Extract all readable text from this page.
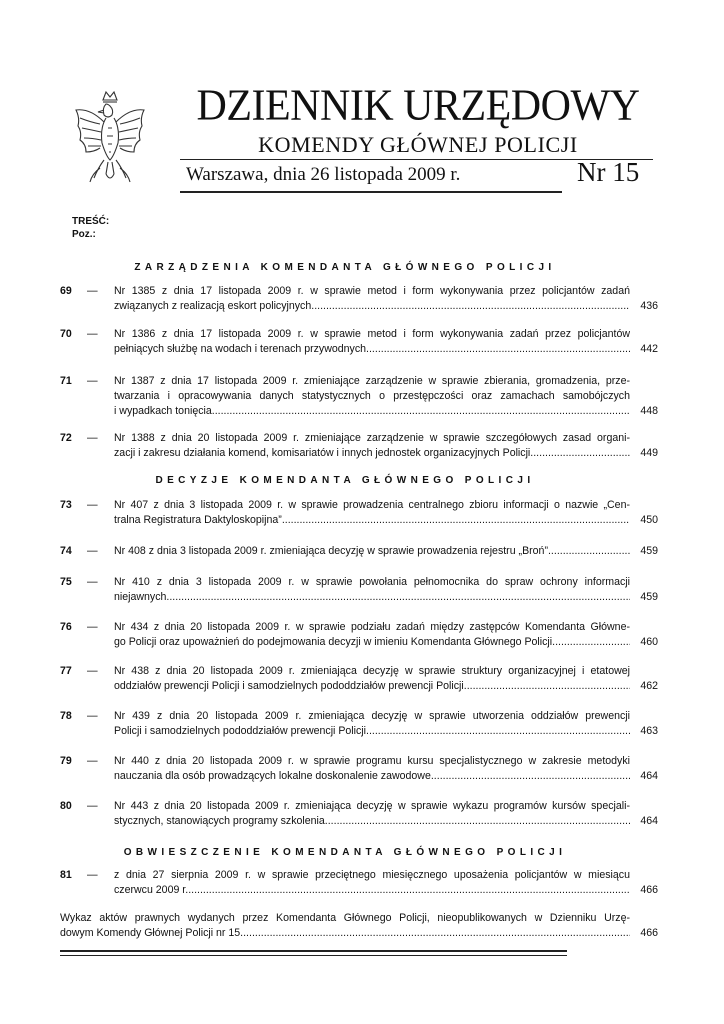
DZIENNIK URZĘDOWY
KOMENDY GŁÓWNEJ POLICJI
Warszawa, dnia 26 listopada 2009 r.	Nr 15
TREŚĆ:
Poz.:
ZARZĄDZENIA KOMENDANTA GŁÓWNEGO POLICJI
69 — Nr 1385 z dnia 17 listopada 2009 r. w sprawie metod i form wykonywania przez policjantów zadań
związanych z realizacją eskort policyjnych .....	436
70 — Nr 1386 z dnia 17 listopada 2009 r. w sprawie metod i form wykonywania zadań przez policjantów
pełniących służbę na wodach i terenach przywodnych .....	442
71 — Nr 1387 z dnia 17 listopada 2009 r. zmieniające zarządzenie w sprawie zbierania, gromadzenia, prze-
twarzania i opracowywania danych statystycznych o przestępczości oraz zamachach samobójczych
i wypadkach tonięcia .....	448
72 — Nr 1388 z dnia 20 listopada 2009 r. zmieniające zarządzenie w sprawie szczegółowych zasad organi-
zacji i zakresu działania komend, komisariatów i innych jednostek organizacyjnych Policji .....	449
DECYZJE KOMENDANTA GŁÓWNEGO POLICJI
73 — Nr 407 z dnia 3 listopada 2009 r. w sprawie prowadzenia centralnego zbioru informacji o nazwie „Cen-
tralna Registratura Daktyloskopijna” .....	450
74 — Nr 408 z dnia 3 listopada 2009 r. zmieniająca decyzję w sprawie prowadzenia rejestru „Broń” .....	459
75 — Nr 410 z dnia 3 listopada 2009 r. w sprawie powołania pełnomocnika do spraw ochrony informacji
niejawnych .....	459
76 — Nr 434 z dnia 20 listopada 2009 r. w sprawie podziału zadań między zastępców Komendanta Główne-
go Policji oraz upoważnień do podejmowania decyzji w imieniu Komendanta Głównego Policji .....	460
77 — Nr 438 z dnia 20 listopada 2009 r. zmieniająca decyzję w sprawie struktury organizacyjnej i etatowej
oddziałów prewencji Policji i samodzielnych pododdziałów prewencji Policji .....	462
78 — Nr 439 z dnia 20 listopada 2009 r. zmieniająca decyzję w sprawie utworzenia oddziałów prewencji
Policji i samodzielnych pododdziałów prewencji Policji .....	463
79 — Nr 440 z dnia 20 listopada 2009 r. w sprawie programu kursu specjalistycznego w zakresie metodyki
nauczania dla osób prowadzących lokalne doskonalenie zawodowe .....	464
80 — Nr 443 z dnia 20 listopada 2009 r. zmieniająca decyzję w sprawie wykazu programów kursów specjali-
stycznych, stanowiących programy szkolenia .....	464
OBWIESZCZENIE KOMENDANTA GŁÓWNEGO POLICJI
81 — z dnia 27 sierpnia 2009 r. w sprawie przeciętnego miesięcznego uposażenia policjantów w miesiącu
czerwcu 2009 r. .....	466
Wykaz aktów prawnych wydanych przez Komendanta Głównego Policji, nieopublikowanych w Dzienniku Urzę-
dowym Komendy Głównej Policji nr 15 .....	466
